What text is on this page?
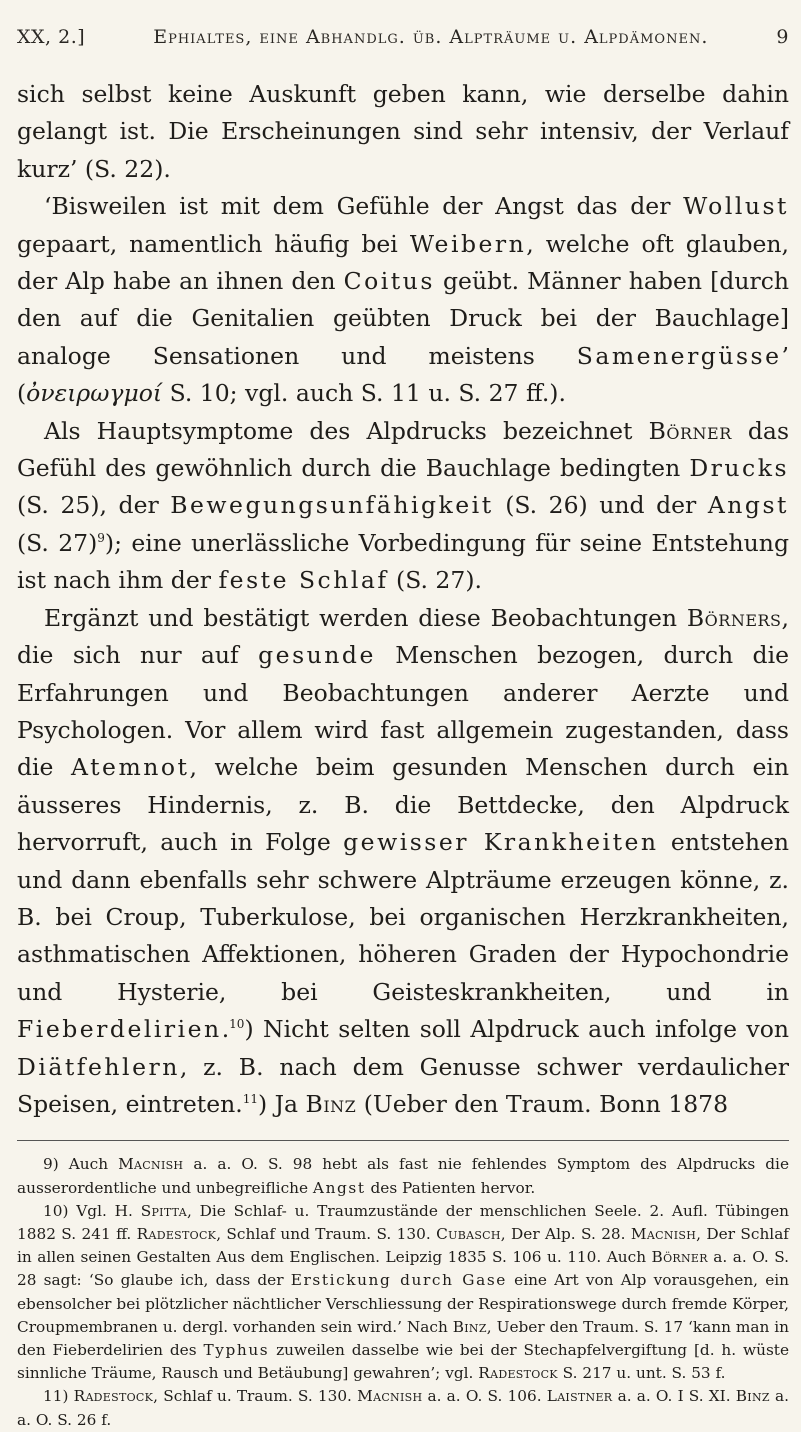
XX, 2.]	Ephialtes, eine Abhandlg. üb. Alpträume u. Alpdämonen.	9

sich selbst keine Auskunft geben kann, wie derselbe dahin gelangt ist. Die Erscheinungen sind sehr intensiv, der Verlauf kurz’ (S. 22).

‘Bisweilen ist mit dem Gefühle der Angst das der Wollust gepaart, namentlich häufig bei Weibern, welche oft glauben, der Alp habe an ihnen den Coitus geübt. Männer haben [durch den auf die Genitalien geübten Druck bei der Bauchlage] analoge Sensationen und meistens Samenergüsse’ (ὀνειρωγμοί S. 10; vgl. auch S. 11 u. S. 27 ff.).

Als Hauptsymptome des Alpdrucks bezeichnet Börner das Gefühl des gewöhnlich durch die Bauchlage bedingten Drucks (S. 25), der Bewegungsunfähigkeit (S. 26) und der Angst (S. 27)$^9$); eine unerlässliche Vorbedingung für seine Entstehung ist nach ihm der feste Schlaf (S. 27).

Ergänzt und bestätigt werden diese Beobachtungen Börners, die sich nur auf gesunde Menschen bezogen, durch die Erfahrungen und Beobachtungen anderer Aerzte und Psychologen. Vor allem wird fast allgemein zugestanden, dass die Atemnot, welche beim gesunden Menschen durch ein äusseres Hindernis, z. B. die Bettdecke, den Alpdruck hervorruft, auch in Folge gewisser Krankheiten entstehen und dann ebenfalls sehr schwere Alpträume erzeugen könne, z. B. bei Croup, Tuberkulose, bei organischen Herzkrankheiten, asthmatischen Affektionen, höheren Graden der Hypochondrie und Hysterie, bei Geisteskrankheiten, und in Fieberdelirien.$^{10}$) Nicht selten soll Alpdruck auch infolge von Diätfehlern, z. B. nach dem Genusse schwer verdaulicher Speisen, eintreten.$^{11}$) Ja Binz (Ueber den Traum. Bonn 1878

9) Auch Macnish a. a. O. S. 98 hebt als fast nie fehlendes Symptom des Alpdrucks die ausserordentliche und unbegreifliche Angst des Patienten hervor.

10) Vgl. H. Spitta, Die Schlaf- u. Traumzustände der menschlichen Seele. 2. Aufl. Tübingen 1882 S. 241 ff. Radestock, Schlaf und Traum. S. 130. Cubasch, Der Alp. S. 28. Macnish, Der Schlaf in allen seinen Gestalten Aus dem Englischen. Leipzig 1835 S. 106 u. 110. Auch Börner a. a. O. S. 28 sagt: ‘So glaube ich, dass der Erstickung durch Gase eine Art von Alp vorausgehen, ein ebensolcher bei plötzlicher nächtlicher Verschliessung der Respirationswege durch fremde Körper, Croupmembranen u. dergl. vorhanden sein wird.’ Nach Binz, Ueber den Traum. S. 17 ‘kann man in den Fieberdelirien des Typhus zuweilen dasselbe wie bei der Stechapfelvergiftung [d. h. wüste sinnliche Träume, Rausch und Betäubung] gewahren’; vgl. Radestock S. 217 u. unt. S. 53 f.

11) Radestock, Schlaf u. Traum. S. 130. Macnish a. a. O. S. 106. Laistner a. a. O. I S. XI. Binz a. a. O. S. 26 f.
